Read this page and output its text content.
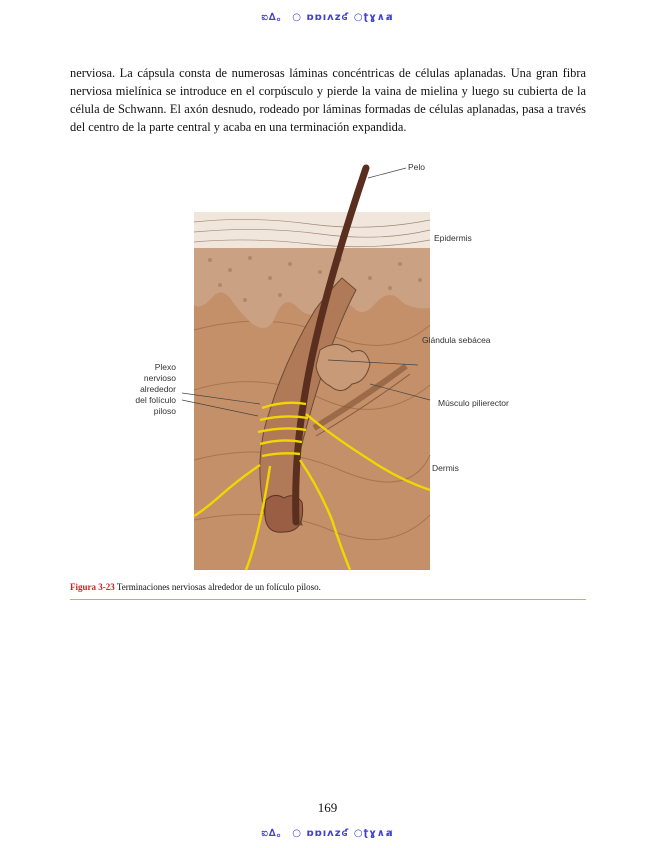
ಐ∆。 ○ ɒɒıʌzʛ ○ʈɣ∧ⱥ
nerviosa. La cápsula consta de numerosas láminas concéntricas de células aplanadas. Una gran fibra nerviosa mielínica se introduce en el corpúsculo y pierde la vaina de mielina y luego su cubierta de la célula de Schwann. El axón desnudo, rodeado por láminas formadas de células aplanadas, pasa a través del centro de la parte central y acaba en una terminación expandida.
Pelo
Epidermis
Glándula sebácea
Músculo pilierector
Dermis
Plexo
nervioso
alrededor
del folículo
piloso
Figura 3-23 Terminaciones nerviosas alrededor de un folículo piloso.
169
ಐ∆。 ○ ɒɒıʌzʛ ○ʈɣ∧ⱥ
